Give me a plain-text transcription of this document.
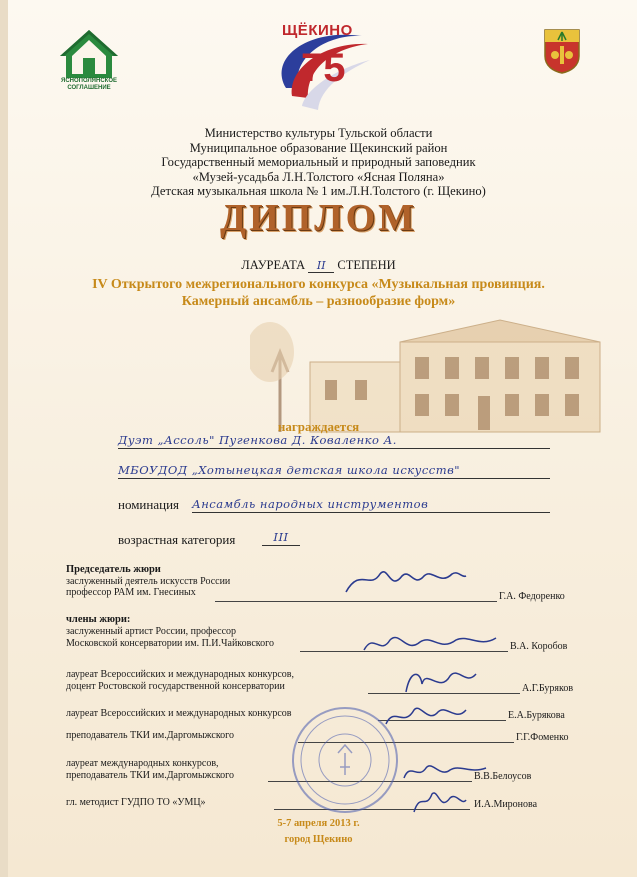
ЯСНОПОЛЯНСКОЕ СОГЛАШЕНИЕ
ЩЁКИНО
75
Министерство культуры Тульской области
Муниципальное образование Щекинский район
Государственный мемориальный и природный заповедник
«Музей-усадьба Л.Н.Толстого «Ясная Поляна»
Детская музыкальная школа № 1 им.Л.Н.Толстого (г. Щекино)
ДИПЛОМ
ЛАУРЕАТА II СТЕПЕНИ
IV Открытого межрегионального конкурса «Музыкальная провинция.
Камерный ансамбль – разнообразие форм»
награждается
Дуэт „Ассоль" Пугенкова Д. Коваленко А.
МБОУДОД „Хотынецкая детская школа искусств"
номинация Ансамбль народных инструментов
возрастная категория	III
Председатель жюри
заслуженный деятель искусств России
профессор РАМ им. Гнесиных	Г.А. Федоренко
члены жюри:
заслуженный артист России, профессор
Московской консерватории им. П.И.Чайковского	В.А. Коробов
лауреат Всероссийских и международных конкурсов,
доцент Ростовской государственной консерватории	А.Г.Буряков
лауреат Всероссийских и международных конкурсов	Е.А.Бурякова
преподаватель ТКИ им.Даргомыжского	Г.Г.Фоменко
лауреат международных конкурсов,
преподаватель ТКИ им.Даргомыжского	В.В.Белоусов
гл. методист ГУДПО ТО «УМЦ»	И.А.Миронова
5-7 апреля 2013 г.
город Щекино
